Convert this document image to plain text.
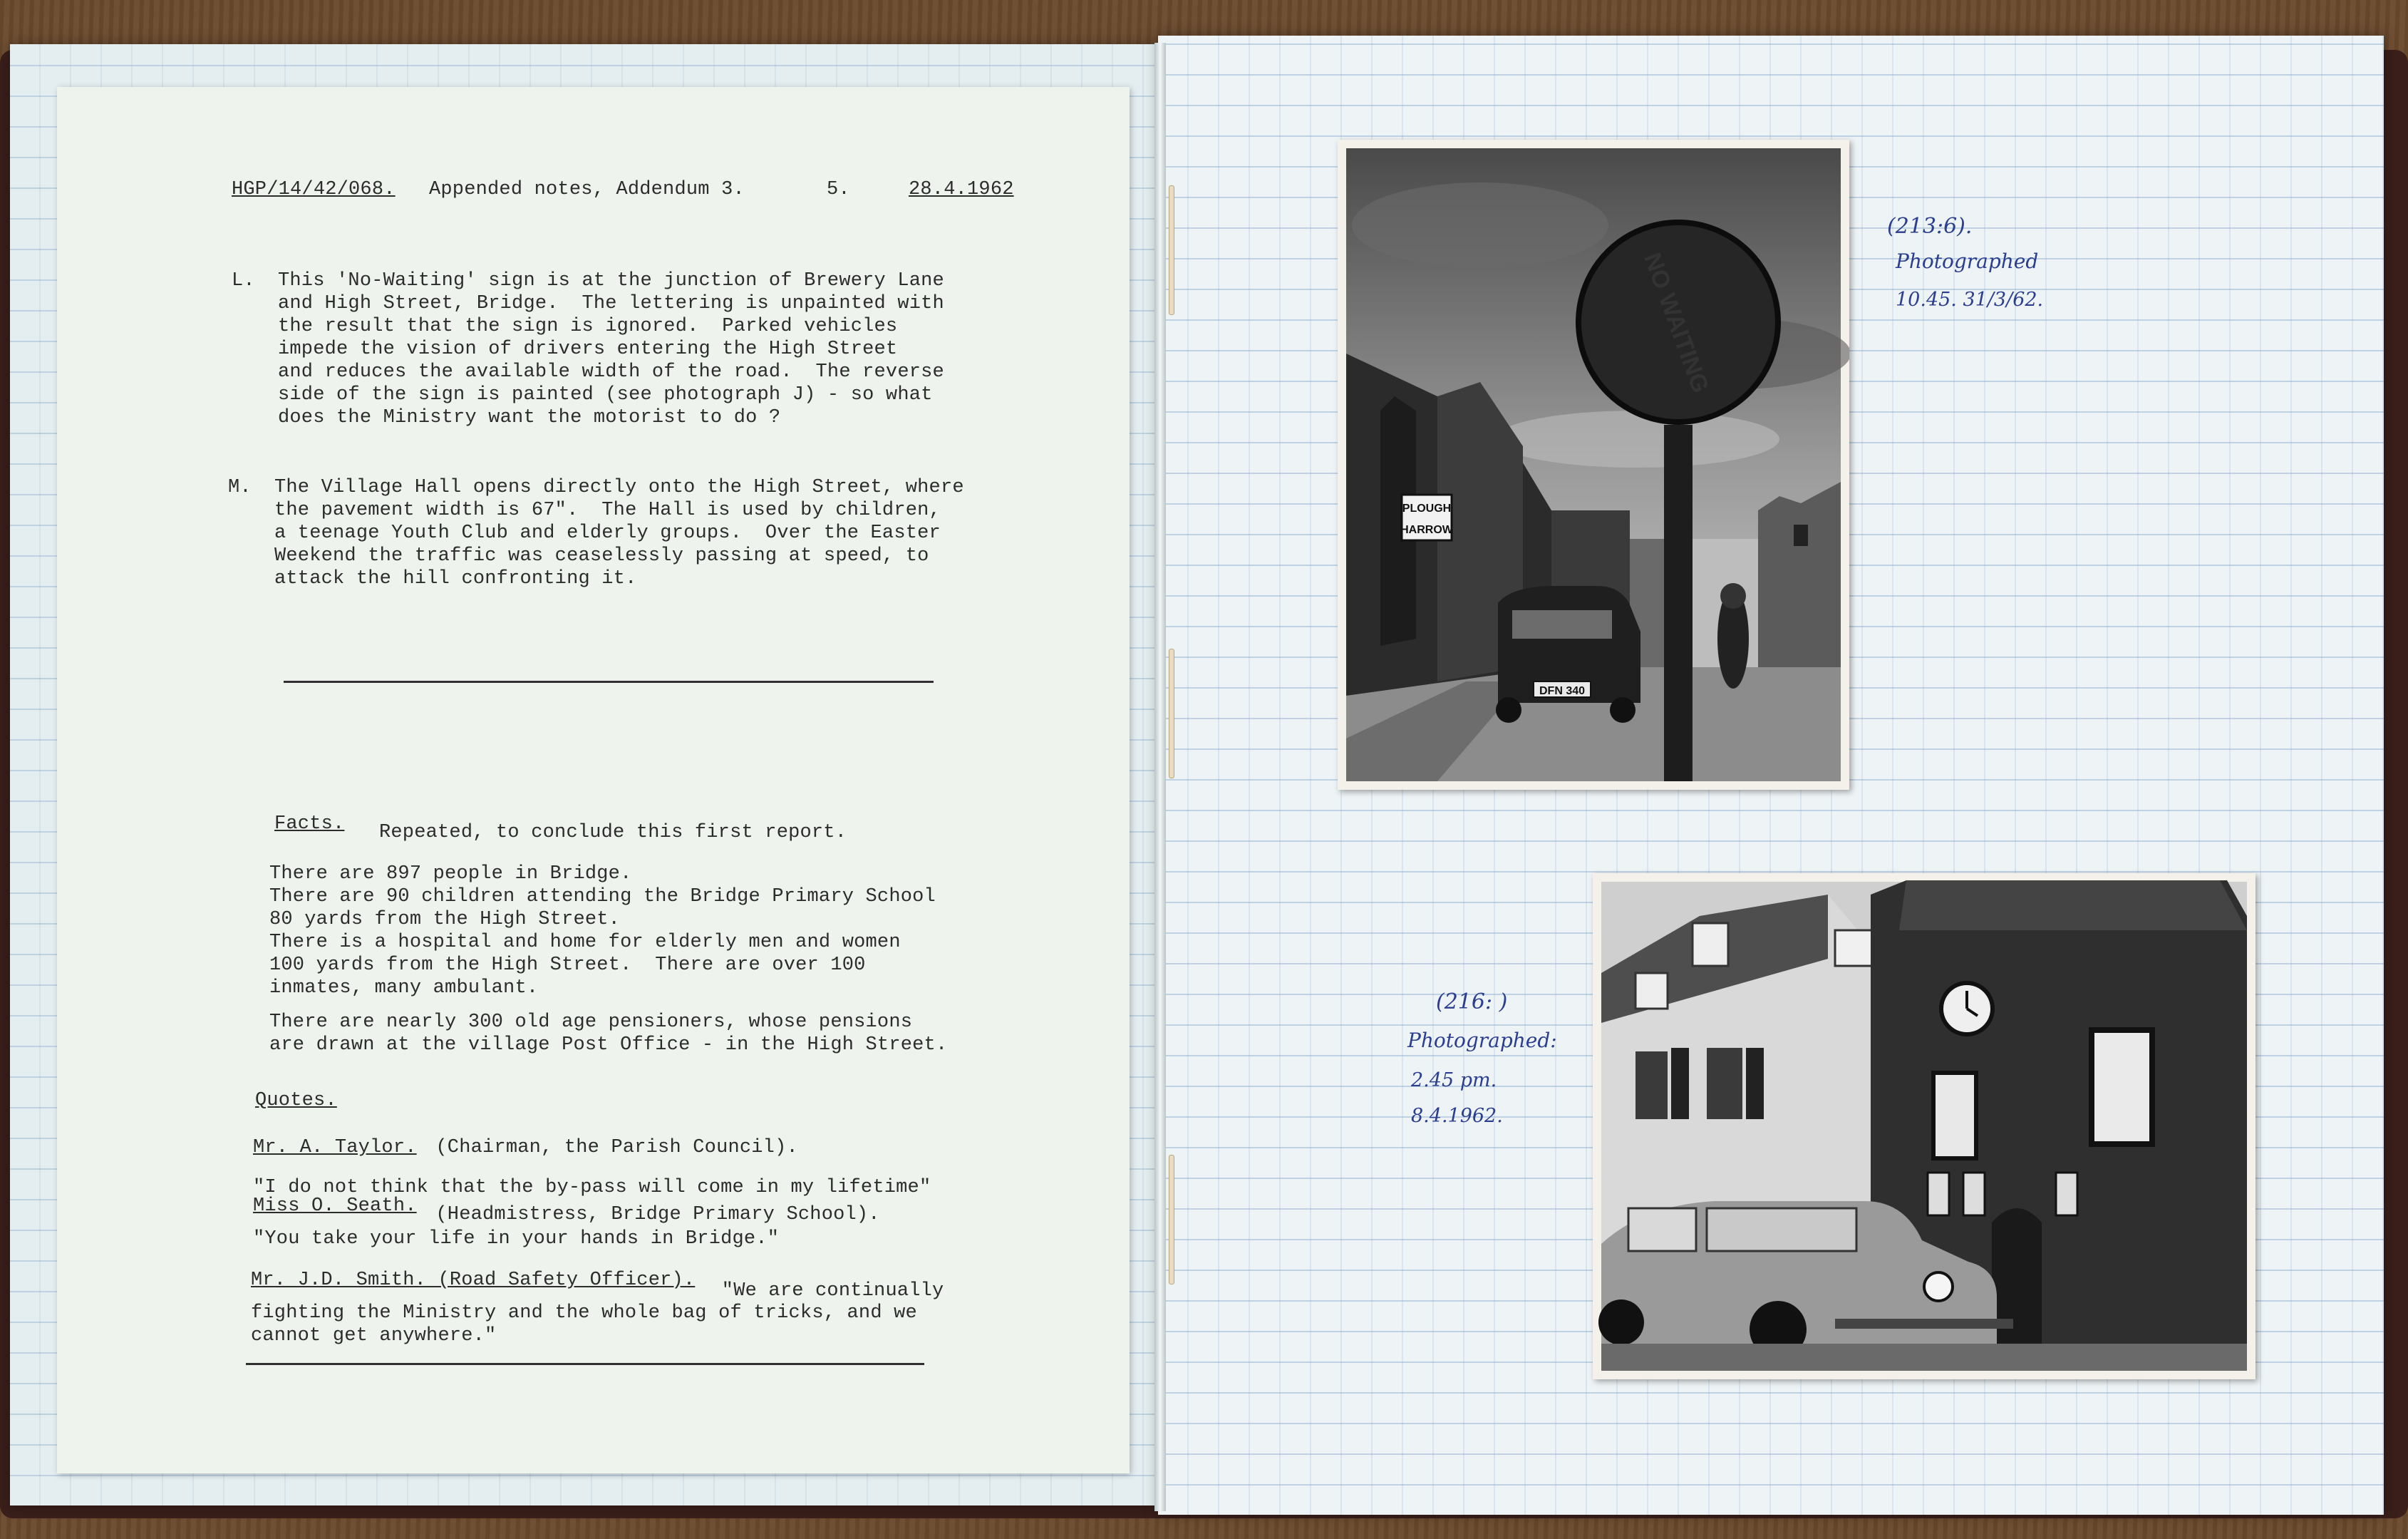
HGP/14/42/068. Appended notes, Addendum 3.	5.	28.4.1962
L. This 'No-Waiting' sign is at the junction of Brewery Lane
and High Street, Bridge.  The lettering is unpainted with
the result that the sign is ignored.  Parked vehicles
impede the vision of drivers entering the High Street
and reduces the available width of the road.  The reverse
side of the sign is painted (see photograph J) - so what
does the Ministry want the motorist to do ?
M. The Village Hall opens directly onto the High Street, where
the pavement width is 67".  The Hall is used by children,
a teenage Youth Club and elderly groups.  Over the Easter
Weekend the traffic was ceaselessly passing at speed, to
attack the hill confronting it.
Facts. Repeated, to conclude this first report.
There are 897 people in Bridge.
There are 90 children attending the Bridge Primary School
80 yards from the High Street.
There is a hospital and home for elderly men and women
100 yards from the High Street.  There are over 100
inmates, many ambulant.
There are nearly 300 old age pensioners, whose pensions
are drawn at the village Post Office - in the High Street.
Quotes.
Mr. A. Taylor. (Chairman, the Parish Council).
"I do not think that the by-pass will come in my lifetime"
Miss O. Seath. (Headmistress, Bridge Primary School).
"You take your life in your hands in Bridge."
Mr. J.D. Smith. (Road Safety Officer). "We are continually
fighting the Ministry and the whole bag of tricks, and we
cannot get anywhere."
PLOUGH
HARROW
DFN 340
NO WAITING
(213:6).
Photographed
10.45. 31/3/62.
(216: )
Photographed:
2.45 pm.
8.4.1962.
